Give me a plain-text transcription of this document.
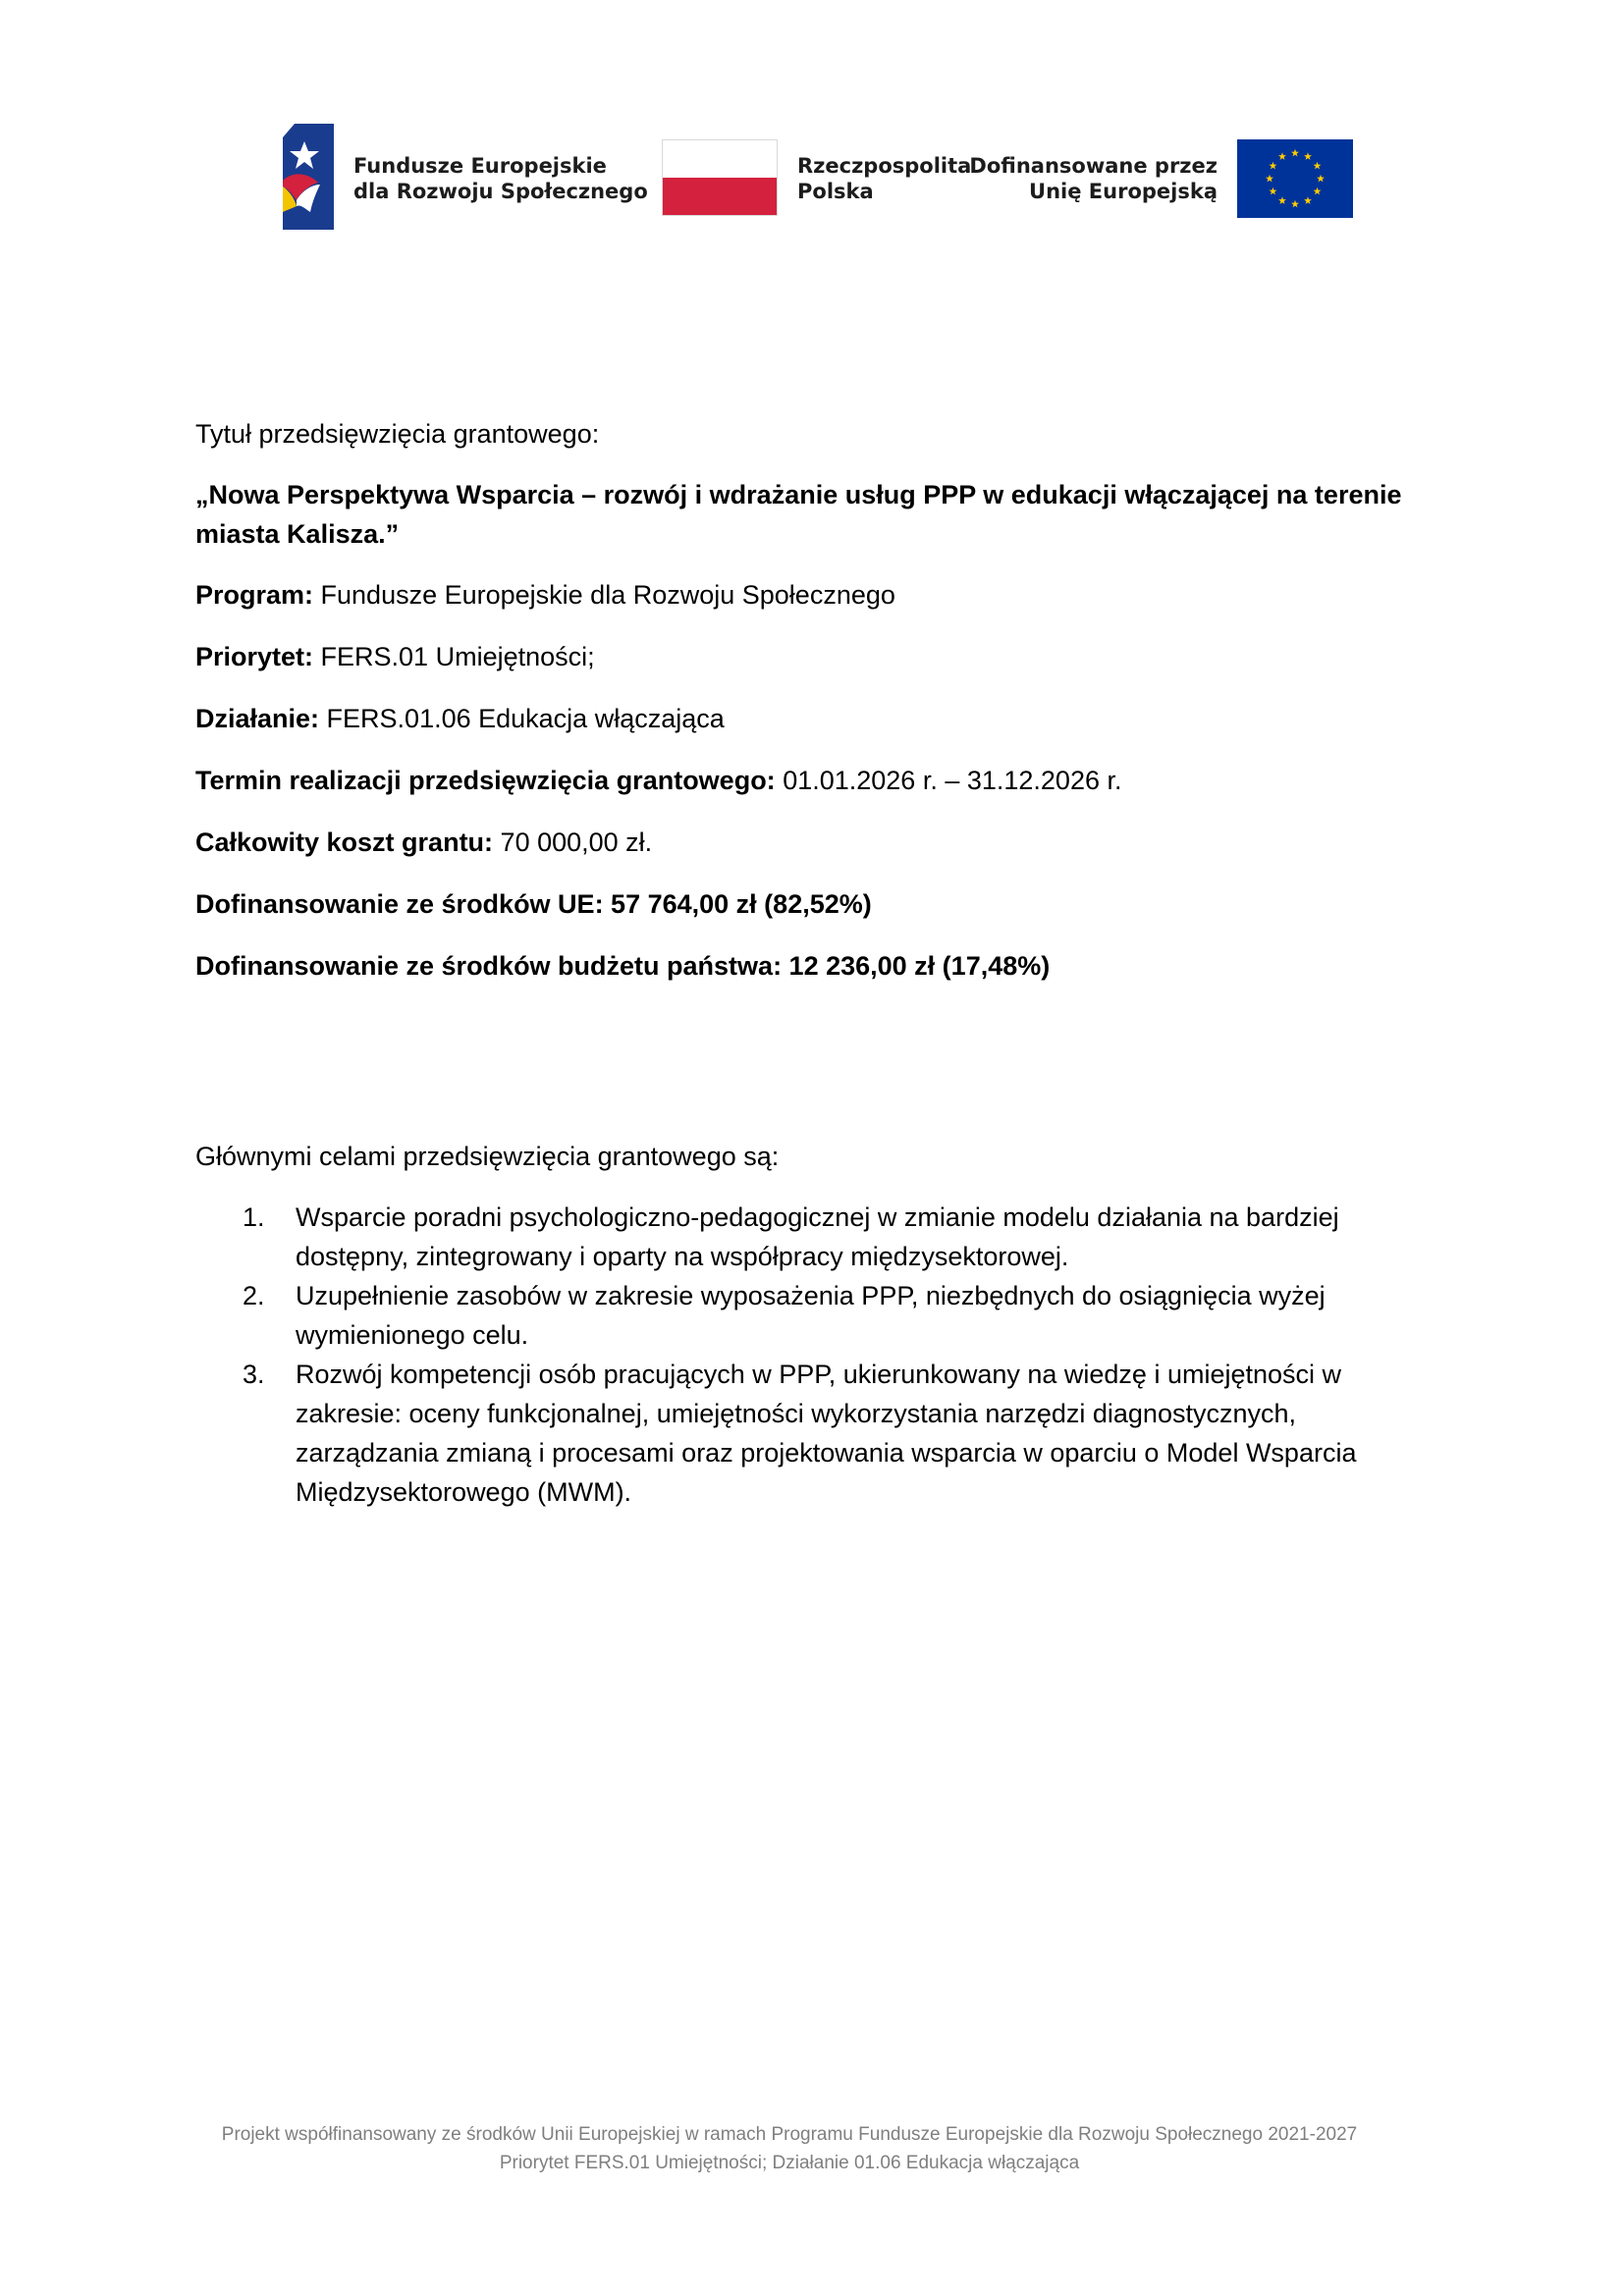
Fundusze Europejskie
dla Rozwoju Społecznego
Rzeczpospolita
Polska
Dofinansowane przez
Unię Europejską
Tytuł przedsięwzięcia grantowego:
„Nowa Perspektywa Wsparcia – rozwój i wdrażanie usług PPP w edukacji włączającej na terenie miasta Kalisza.”
Program: Fundusze Europejskie dla Rozwoju Społecznego
Priorytet: FERS.01 Umiejętności;
Działanie: FERS.01.06 Edukacja włączająca
Termin realizacji przedsięwzięcia grantowego: 01.01.2026 r. – 31.12.2026 r.
Całkowity koszt grantu: 70 000,00 zł.
Dofinansowanie ze środków UE: 57 764,00 zł (82,52%)
Dofinansowanie ze środków budżetu państwa: 12 236,00 zł (17,48%)
Głównymi celami przedsięwzięcia grantowego są:
1. Wsparcie poradni psychologiczno-pedagogicznej w zmianie modelu działania na bardziej
dostępny, zintegrowany i oparty na współpracy międzysektorowej.
2. Uzupełnienie zasobów w zakresie wyposażenia PPP, niezbędnych do osiągnięcia wyżej
wymienionego celu.
3. Rozwój kompetencji osób pracujących w PPP, ukierunkowany na wiedzę i umiejętności w
zakresie: oceny funkcjonalnej, umiejętności wykorzystania narzędzi diagnostycznych,
zarządzania zmianą i procesami oraz projektowania wsparcia w oparciu o Model Wsparcia
Międzysektorowego (MWM).
Projekt współfinansowany ze środków Unii Europejskiej w ramach Programu Fundusze Europejskie dla Rozwoju Społecznego 2021-2027
Priorytet FERS.01 Umiejętności; Działanie 01.06 Edukacja włączająca
